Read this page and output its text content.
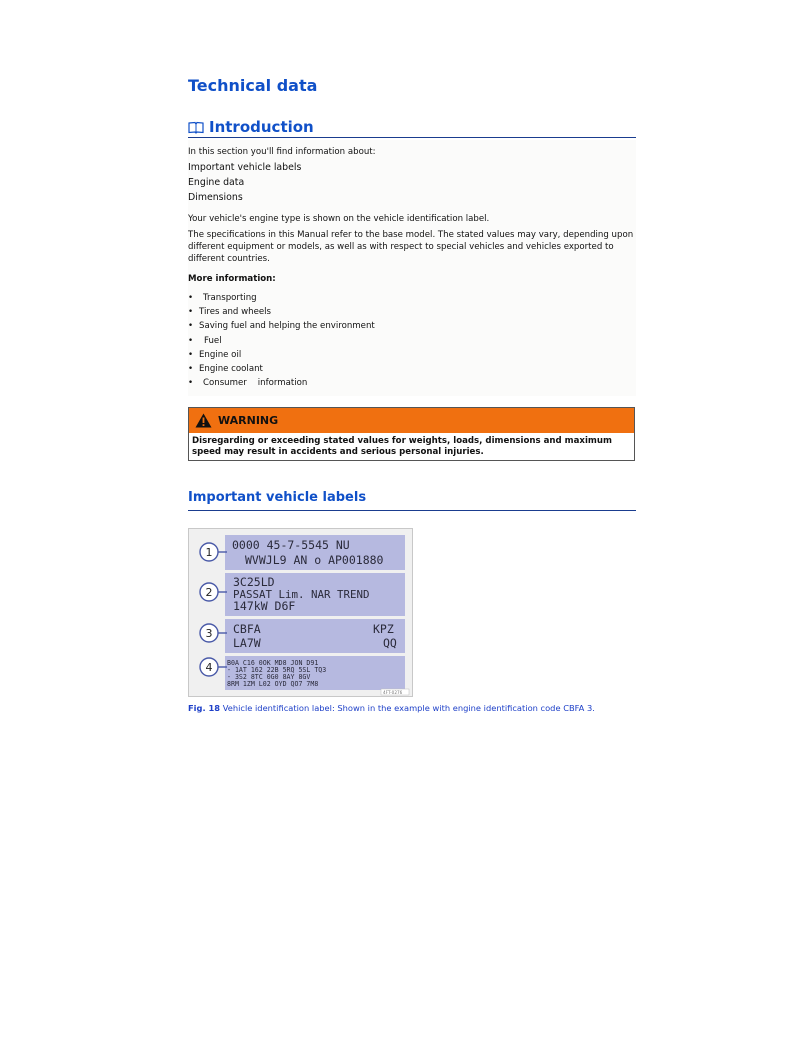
Technical data
Introduction
In this section you'll find information about:
Important vehicle labels
Engine data
Dimensions
Your vehicle's engine type is shown on the vehicle identification label.
The specifications in this Manual refer to the base model. The stated values may vary, depending upon different equipment or models, as well as with respect to special vehicles and vehicles exported to different countries.
More information:
• Transporting
• Tires and wheels
• Saving fuel and helping the environment
• Fuel
• Engine oil
• Engine coolant
• Consumer    information
WARNING
Disregarding or exceeding stated values for weights, loads, dimensions and maximum speed may result in accidents and serious personal injuries.
Important vehicle labels
1
2
3
4
0000 45-7-5545 NU
WVWJL9 AN o AP001880
3C25LD
PASSAT Lim. NAR TREND
147kW D6F
CBFA	KPZ
LA7W	QQ
B0A C16 0OK MD8 JON D91
- 1AT 162 22B 5RQ 5SL TQ3
- 3S2 8TC 0G0 8AY 8GV
8RM 1ZM L02 OYD QO7 7M8
4FT-0276
Fig. 18 Vehicle identification label: Shown in the example with engine identification code CBFA 3.
